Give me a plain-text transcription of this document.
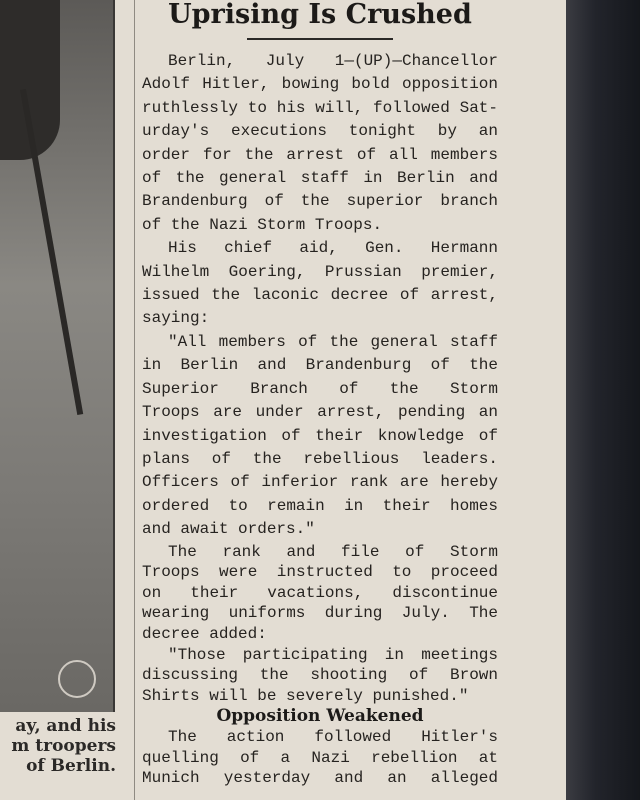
ay, and his
m troopers
of Berlin.
Uprising Is Crushed

Berlin, July 1—(UP)—Chancellor
Adolf Hitler, bowing bold opposition
ruthlessly to his will, followed Sat-
urday's executions tonight by an
order for the arrest of all members
of the general staff in Berlin and
Brandenburg of the superior branch
of the Nazi Storm Troops.

His chief aid, Gen. Hermann
Wilhelm Goering, Prussian premier,
issued the laconic decree of arrest,
saying:

"All members of the general staff
in Berlin and Brandenburg of the
Superior Branch of the Storm
Troops are under arrest, pending an
investigation of their knowledge of
plans of the rebellious leaders.
Officers of inferior rank are hereby
ordered to remain in their homes
and await orders."

The rank and file of Storm
Troops were instructed to proceed
on their vacations, discontinue
wearing uniforms during July. The
decree added:

"Those participating in meetings
discussing the shooting of Brown
Shirts will be severely punished."

Opposition Weakened

The action followed Hitler's
quelling of a Nazi rebellion at
Munich yesterday and an alleged
